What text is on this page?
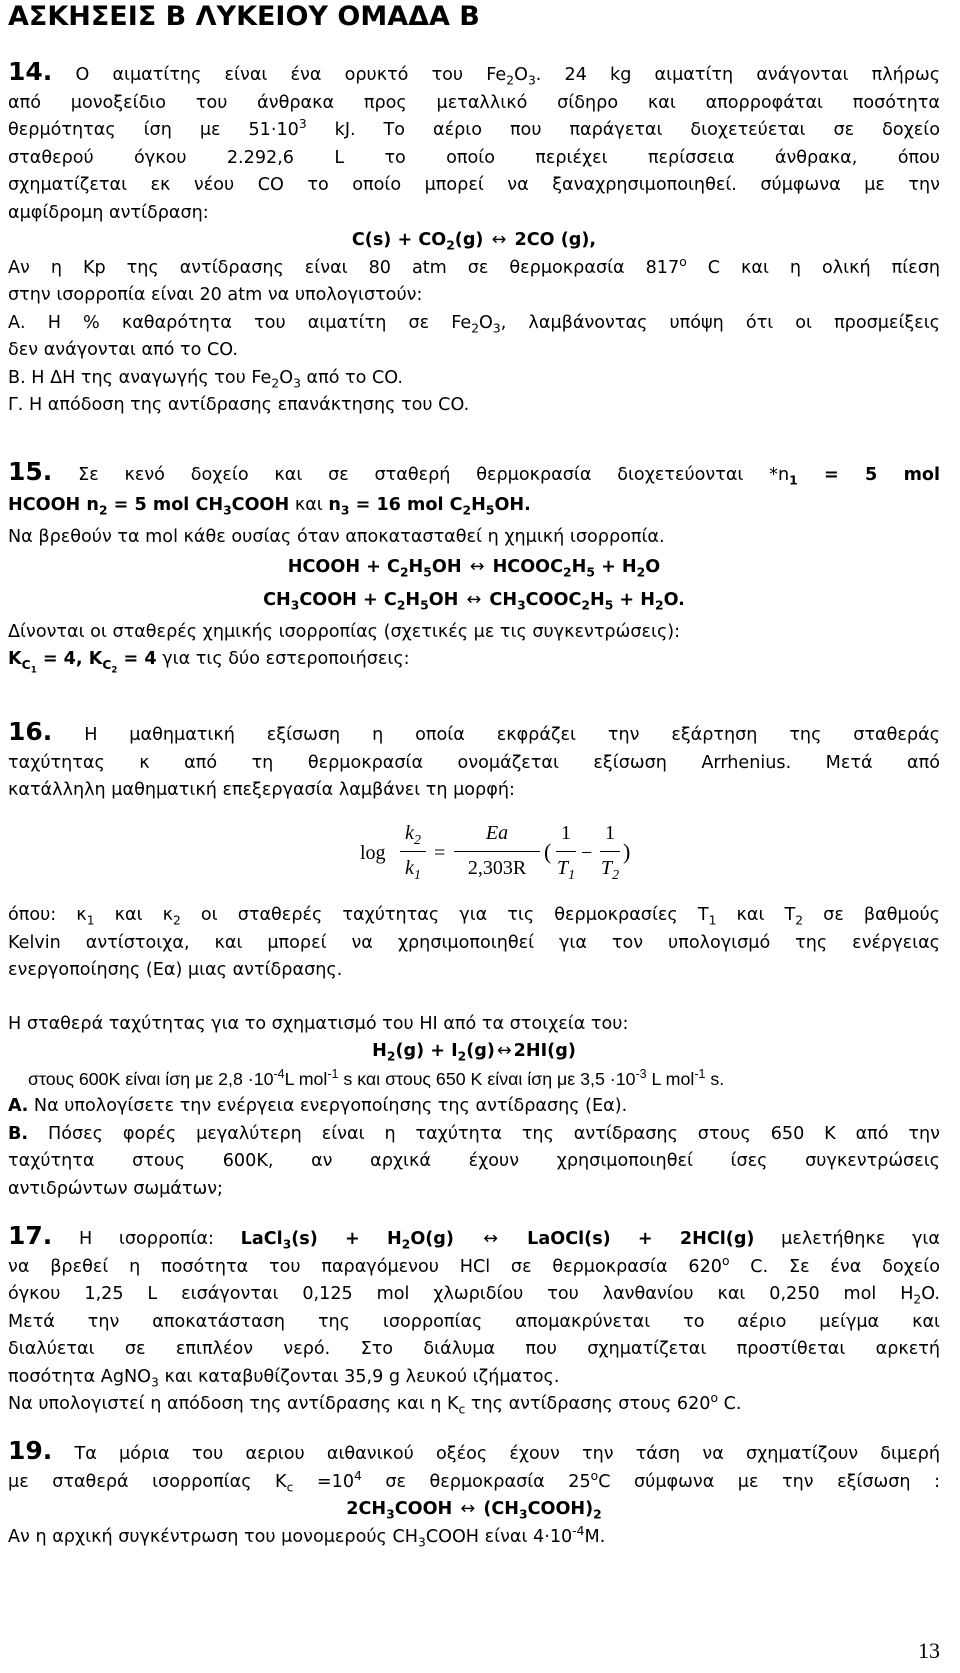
ΑΣΚΗΣΕΙΣ Β ΛΥΚΕΙΟΥ ΟΜΑΔΑ Β
14. Ο αιματίτης είναι ένα ορυκτό του $Fe_2O_3$. 24 kg αιματίτη ανάγονται πλήρως
από μονοξείδιο του άνθρακα προς μεταλλικό σίδηρο και απορροφάται ποσότητα
θερμότητας ίση με $51\cdot 10^3$ kJ. Το αέριο που παράγεται διοχετεύεται σε δοχείο
σταθερού όγκου 2.292,6 L το οποίο περιέχει περίσσεια άνθρακα, όπου
σχηματίζεται εκ νέου CO το οποίο μπορεί να ξαναχρησιμοποιηθεί. σύμφωνα με την
αμφίδρομη αντίδραση:
$C(s) + CO_2(g)$ ↔ 2CO (g),
Αν η Kp της αντίδρασης είναι 80 atm σε θερμοκρασία 817$^o$ C και η ολική πίεση
στην ισορροπία είναι 20 atm να υπολογιστούν:
Α. Η % καθαρότητα του αιματίτη σε $Fe_2O_3$, λαμβάνοντας υπόψη ότι οι προσμείξεις
δεν ανάγονται από το CO.
Β. Η ΔΗ της αναγωγής του $Fe_2O_3$ από το CO.
Γ. Η απόδοση της αντίδρασης επανάκτησης του CO.
15. Σε κενό δοχείο και σε σταθερή θερμοκρασία διοχετεύονται $*n_1 = 5$ mol
HCOOH $n_2 = 5$ mol $CH_3COOH$ και $n_3 = 16$ mol $C_2H_5OH$.
Να βρεθούν τα mol κάθε ουσίας όταν αποκατασταθεί η χημική ισορροπία.
HCOOH + $C_2H_5OH$ ↔ $HCOOC_2H_5 + H_2O$
$CH_3COOH + C_2H_5OH$ ↔ $CH_3COOC_2H_5 + H_2O$.
Δίνονται οι σταθερές χημικής ισορροπίας (σχετικές με τις συγκεντρώσεις):
$K_{C_1} = 4$, $K_{C_2} = 4$ για τις δύο εστεροποιήσεις:
16. Η μαθηματική εξίσωση η οποία εκφράζει την εξάρτηση της σταθεράς
ταχύτητας κ από τη θερμοκρασία ονομάζεται εξίσωση Arrhenius. Μετά από
κατάλληλη μαθηματική επεξεργασία λαμβάνει τη μορφή:
log
$k_2$
$k_1$
=
Ea
2,303R
(
1
$T_1$
−
1
$T_2$
)
όπου: $\kappa_1$ και $\kappa_2$ οι σταθερές ταχύτητας για τις θερμοκρασίες $T_1$ και $T_2$ σε βαθμούς
Kelvin αντίστοιχα, και μπορεί να χρησιμοποιηθεί για τον υπολογισμό της ενέργειας
ενεργοποίησης (Εα) μιας αντίδρασης.
Η σταθερά ταχύτητας για το σχηματισμό του HI από τα στοιχεία του:
$H_2(g) + I_2(g)$ ↔ 2HI(g)
στους 600K είναι ίση με $2,8 \cdot 10^{-4}L$ mol$^{-1}$ s και στους 650 K είναι ίση με $3,5 \cdot 10^{-3}$ L mol$^{-1}$ s.
Α. Να υπολογίσετε την ενέργεια ενεργοποίησης της αντίδρασης (Εα).
Β. Πόσες φορές μεγαλύτερη είναι η ταχύτητα της αντίδρασης στους 650 K από την
ταχύτητα στους 600K, αν αρχικά έχουν χρησιμοποιηθεί ίσες συγκεντρώσεις
αντιδρώντων σωμάτων;
17. Η ισορροπία: LaCl$_3$(s) + $H_2O(g)$ ↔ LaOCl(s) + 2HCl(g) μελετήθηκε για
να βρεθεί η ποσότητα του παραγόμενου HCl σε θερμοκρασία 620$^o$ C. Σε ένα δοχείο
όγκου 1,25 L εισάγονται 0,125 mol χλωριδίου του λανθανίου και 0,250 mol $H_2O$.
Μετά την αποκατάσταση της ισορροπίας απομακρύνεται το αέριο μείγμα και
διαλύεται σε επιπλέον νερό. Στο διάλυμα που σχηματίζεται προστίθεται αρκετή
ποσότητα AgNO$_3$ και καταβυθίζονται 35,9 g λευκού ιζήματος.
Να υπολογιστεί η απόδοση της αντίδρασης και η $K_c$ της αντίδρασης στους 620$^o$ C.
19. Τα μόρια του αεριου αιθανικού οξέος έχουν την τάση να σχηματίζουν διμερή
με σταθερά ισορροπίας $K_c =10^4$ σε θερμοκρασία 25$^o$C σύμφωνα με την εξίσωση :
$2CH_3COOH$ ↔ $(CH_3COOH)_2$
Αν η αρχική συγκέντρωση του μονομερούς $CH_3COOH$ είναι $4\cdot 10^{-4}M$.
13
